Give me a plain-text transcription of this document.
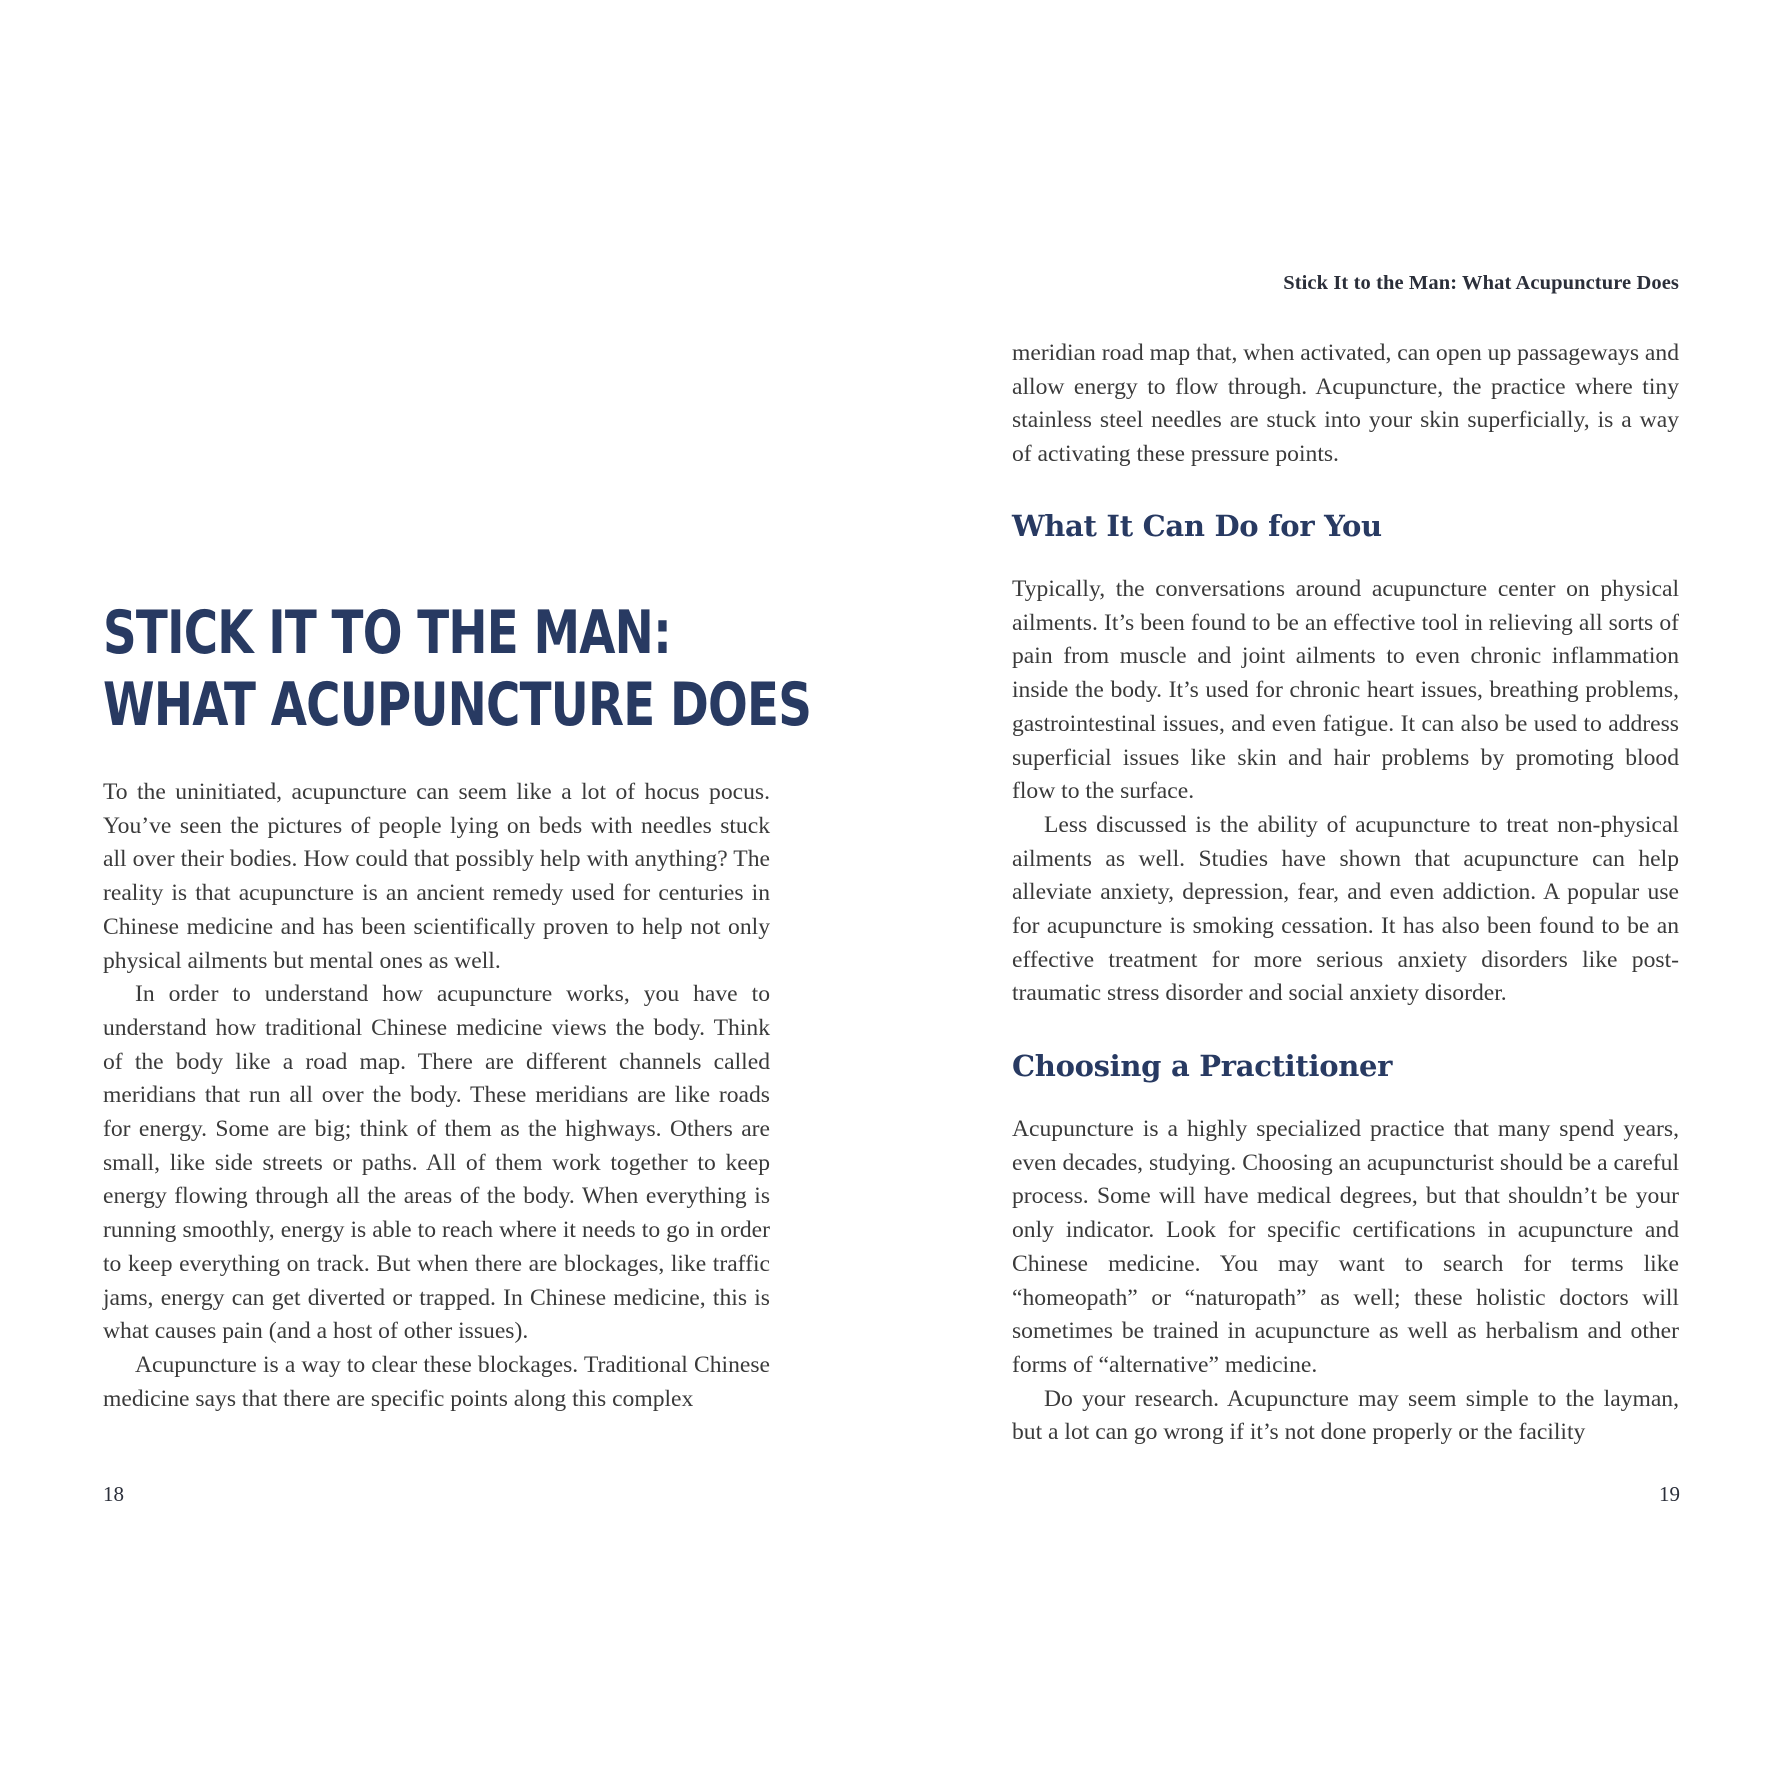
Stick It to the Man: What Acupuncture Does
STICK IT TO THE MAN:
WHAT ACUPUNCTURE DOES

To the uninitiated, acupuncture can seem like a lot of hocus pocus. You’ve seen the pictures of people lying on beds with needles stuck all over their bodies. How could that possibly help with anything? The reality is that acupuncture is an ancient remedy used for centuries in Chinese medicine and has been scientifically proven to help not only physical ailments but mental ones as well.

In order to understand how acupuncture works, you have to understand how traditional Chinese medicine views the body. Think of the body like a road map. There are different channels called meridians that run all over the body. These meridians are like roads for energy. Some are big; think of them as the highways. Others are small, like side streets or paths. All of them work together to keep energy flowing through all the areas of the body. When everything is running smoothly, energy is able to reach where it needs to go in order to keep everything on track. But when there are blockages, like traffic jams, energy can get diverted or trapped. In Chinese medicine, this is what causes pain (and a host of other issues).

Acupuncture is a way to clear these blockages. Traditional Chinese medicine says that there are specific points along this complex

18

meridian road map that, when activated, can open up passageways and allow energy to flow through. Acupuncture, the practice where tiny stainless steel needles are stuck into your skin superficially, is a way of activating these pressure points.

What It Can Do for You

Typically, the conversations around acupuncture center on physical ailments. It’s been found to be an effective tool in relieving all sorts of pain from muscle and joint ailments to even chronic inflammation inside the body. It’s used for chronic heart issues, breathing problems, gastrointestinal issues, and even fatigue. It can also be used to address superficial issues like skin and hair problems by promoting blood flow to the surface.

Less discussed is the ability of acupuncture to treat non-physical ailments as well. Studies have shown that acupuncture can help alleviate anxiety, depression, fear, and even addiction. A popular use for acupuncture is smoking cessation. It has also been found to be an effective treatment for more serious anxiety disorders like post-traumatic stress disorder and social anxiety disorder.

Choosing a Practitioner

Acupuncture is a highly specialized practice that many spend years, even decades, studying. Choosing an acupuncturist should be a careful process. Some will have medical degrees, but that shouldn’t be your only indicator. Look for specific certifications in acupuncture and Chinese medicine. You may want to search for terms like “homeopath” or “naturopath” as well; these holistic doctors will sometimes be trained in acupuncture as well as herbalism and other forms of “alternative” medicine.

Do your research. Acupuncture may seem simple to the layman, but a lot can go wrong if it’s not done properly or the facility

19
